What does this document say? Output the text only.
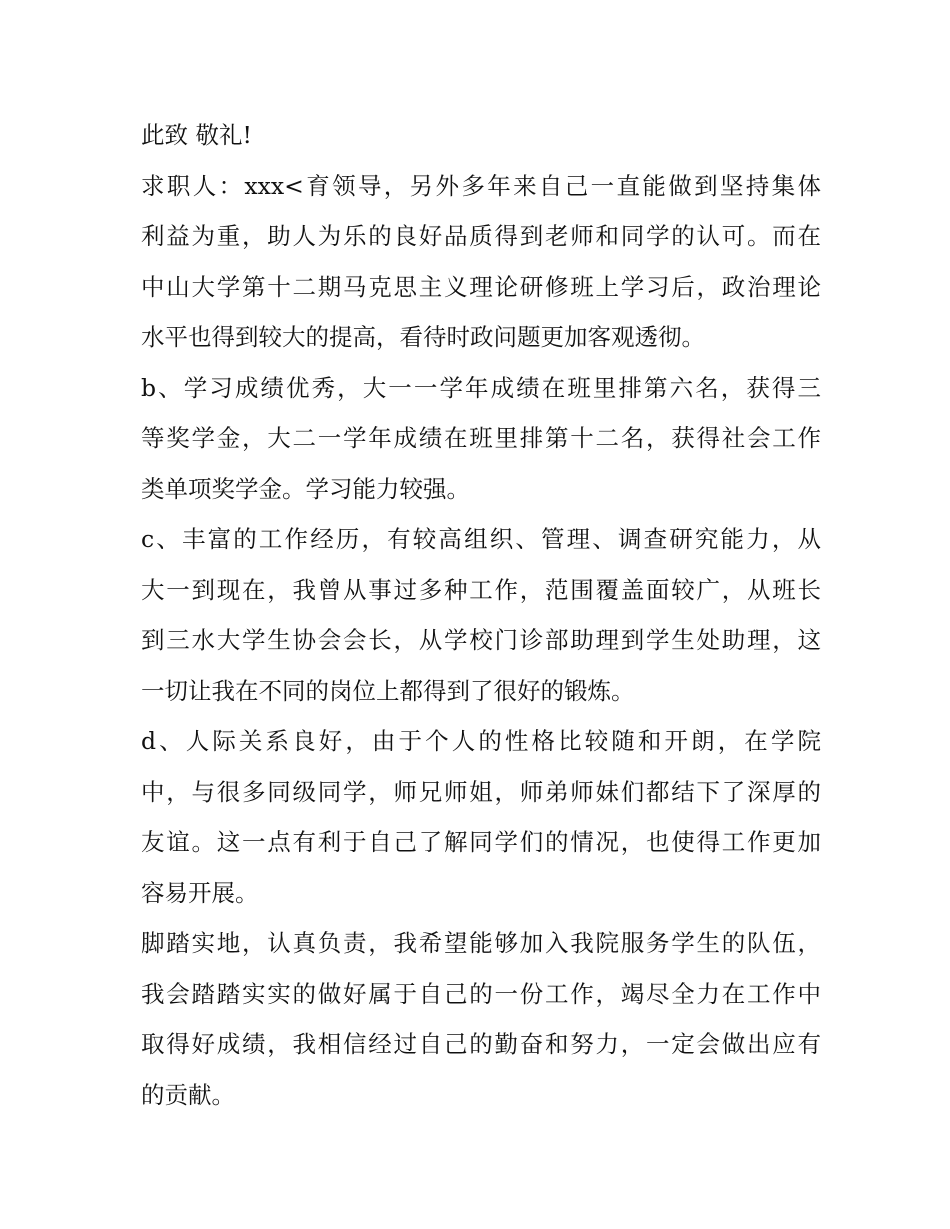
此致 敬礼!
求职人：xxx<育领导，另外多年来自己一直能做到坚持集体
利益为重，助人为乐的良好品质得到老师和同学的认可。而在
中山大学第十二期马克思主义理论研修班上学习后，政治理论
水平也得到较大的提高，看待时政问题更加客观透彻。
b、学习成绩优秀，大一一学年成绩在班里排第六名，获得三
等奖学金，大二一学年成绩在班里排第十二名，获得社会工作
类单项奖学金。学习能力较强。
c、丰富的工作经历，有较高组织、管理、调查研究能力，从
大一到现在，我曾从事过多种工作，范围覆盖面较广，从班长
到三水大学生协会会长，从学校门诊部助理到学生处助理，这
一切让我在不同的岗位上都得到了很好的锻炼。
d、人际关系良好，由于个人的性格比较随和开朗，在学院
中，与很多同级同学，师兄师姐，师弟师妹们都结下了深厚的
友谊。这一点有利于自己了解同学们的情况，也使得工作更加
容易开展。
脚踏实地，认真负责，我希望能够加入我院服务学生的队伍，
我会踏踏实实的做好属于自己的一份工作，竭尽全力在工作中
取得好成绩，我相信经过自己的勤奋和努力，一定会做出应有
的贡献。
